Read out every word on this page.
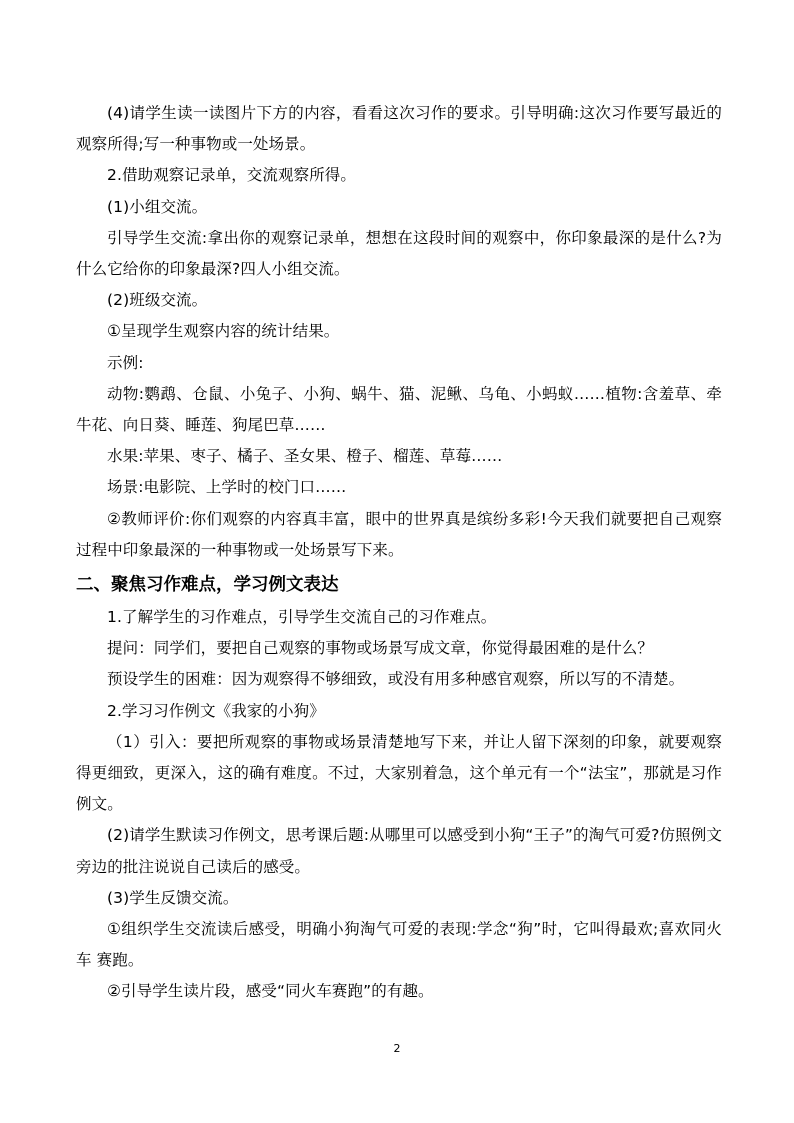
(4)请学生读一读图片下方的内容，看看这次习作的要求。引导明确:这次习作要写最近的观察所得;写一种事物或一处场景。

2.借助观察记录单，交流观察所得。

(1)小组交流。

引导学生交流:拿出你的观察记录单，想想在这段时间的观察中，你印象最深的是什么?为什么它给你的印象最深?四人小组交流。

(2)班级交流。

①呈现学生观察内容的统计结果。

示例:

动物:鹦鹉、仓鼠、小兔子、小狗、蜗牛、猫、泥鳅、乌龟、小蚂蚁……植物:含羞草、牵牛花、向日葵、睡莲、狗尾巴草……

水果:苹果、枣子、橘子、圣女果、橙子、榴莲、草莓……

场景:电影院、上学时的校门口……

②教师评价:你们观察的内容真丰富，眼中的世界真是缤纷多彩!今天我们就要把自己观察过程中印象最深的一种事物或一处场景写下来。

二、聚焦习作难点，学习例文表达

1.了解学生的习作难点，引导学生交流自己的习作难点。

提问：同学们，要把自己观察的事物或场景写成文章，你觉得最困难的是什么？

预设学生的困难：因为观察得不够细致，或没有用多种感官观察，所以写的不清楚。

2.学习习作例文《我家的小狗》

（1）引入：要把所观察的事物或场景清楚地写下来，并让人留下深刻的印象，就要观察得更细致，更深入，这的确有难度。不过，大家别着急，这个单元有一个“法宝”，那就是习作例文。

(2)请学生默读习作例文，思考课后题:从哪里可以感受到小狗“王子”的淘气可爱?仿照例文旁边的批注说说自己读后的感受。

(3)学生反馈交流。

①组织学生交流读后感受，明确小狗淘气可爱的表现:学念“狗”时，它叫得最欢;喜欢同火车 赛跑。

②引导学生读片段，感受“同火车赛跑”的有趣。

2
